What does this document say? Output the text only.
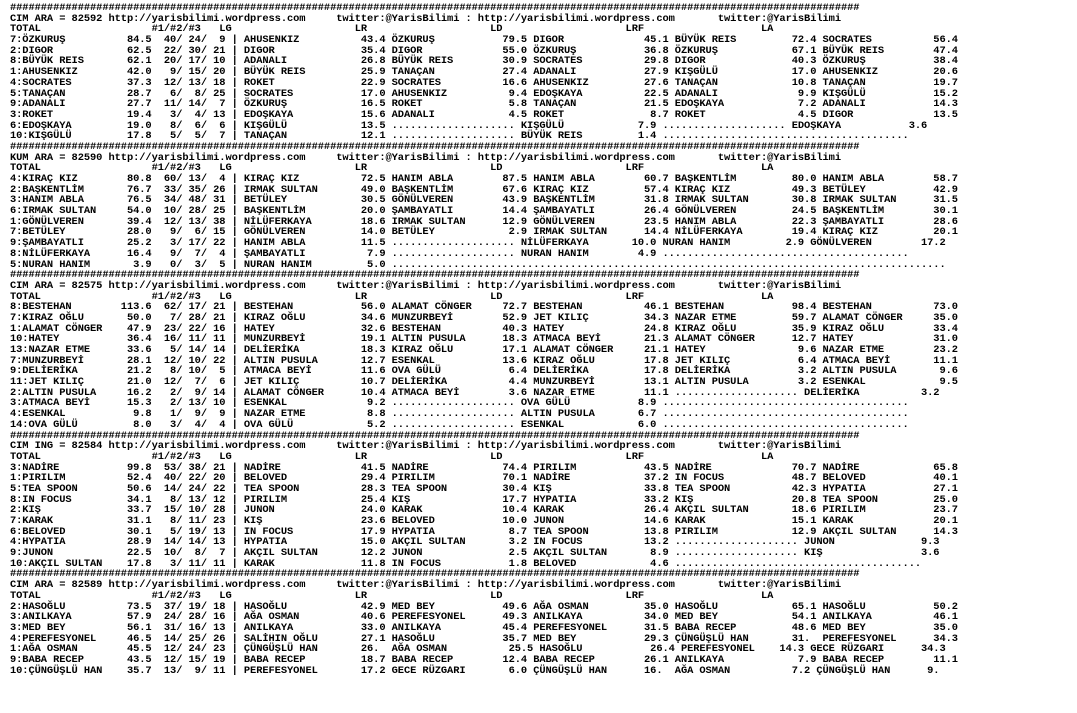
##########################################################################################################################################
CIM ARA = 82592 http://yarisbilimi.wordpress.com     twitter:@YarisBilimi : http://yarisbilimi.wordpress.com       twitter:@YarisBilimi
TOTAL                  #1/#2/#3   LG                    LR                    LD                    LRF                   LA
7:ÖZKURUŞ          84.5  40/ 24/  9 | AHUSENKIZ          43.4 ÖZKURUŞ           79.5 DIGOR             45.1 BÜYÜK REIS         72.4 SOCRATES          56.4
2:DIGOR            62.5  22/ 30/ 21 | DIGOR              35.4 DIGOR             55.0 ÖZKURUŞ           36.8 ÖZKURUŞ            67.1 BÜYÜK REIS        47.4
8:BÜYÜK REIS       62.1  20/ 17/ 10 | ADANALI            26.8 BÜYÜK REIS        30.9 SOCRATES          29.8 DIGOR              40.3 ÖZKURUŞ           38.4
1:AHUSENKIZ        42.0   9/ 15/ 20 | BÜYÜK REIS         25.9 TANAÇAN           27.4 ADANALI           27.9 KIŞGÜLÜ            17.0 AHUSENKIZ         20.6
4:SOCRATES         37.3  12/ 13/ 18 | ROKET              22.9 SOCRATES          16.6 AHUSENKIZ         27.6 TANAÇAN            10.8 TANAÇAN           19.7
5:TANAÇAN          28.7   6/  8/ 25 | SOCRATES           17.0 AHUSENKIZ          9.4 EDOŞKAYA          22.5 ADANALI             9.9 KIŞGÜLÜ           15.2
9:ADANALI          27.7  11/ 14/  7 | ÖZKURUŞ            16.5 ROKET              5.8 TANAÇAN           21.5 EDOŞKAYA            7.2 ADANALI           14.3
3:ROKET            19.4   3/  4/ 13 | EDOŞKAYA           15.6 ADANALI            4.5 ROKET              8.7 ROKET               4.5 DIGOR             13.5
6:EDOŞKAYA         19.0   8/  6/  6 | KIŞGÜLÜ            13.5 .................... KIŞGÜLÜ            7.9 .................... EDOŞKAYA           3.6
10:KIŞGÜLÜ         17.8   5/  5/  7 | TANAÇAN            12.1 .................... BÜYÜK REIS         1.4 ........................................
##########################################################################################################################################
KUM ARA = 82590 http://yarisbilimi.wordpress.com     twitter:@YarisBilimi : http://yarisbilimi.wordpress.com       twitter:@YarisBilimi
TOTAL                  #1/#2/#3   LG                    LR                    LD                    LRF                   LA
4:KIRAÇ KIZ        80.8  60/ 13/  4 | KIRAÇ KIZ          72.5 HANIM ABLA        87.5 HANIM ABLA        60.7 BAŞKENTLİM         80.0 HANIM ABLA        58.7
2:BAŞKENTLİM       76.7  33/ 35/ 26 | IRMAK SULTAN       49.0 BAŞKENTLİM        67.6 KIRAÇ KIZ         57.4 KIRAÇ KIZ          49.3 BETÜLEY           42.9
3:HANIM ABLA       76.5  34/ 48/ 31 | BETÜLEY            30.5 GÖNÜLVEREN        43.9 BAŞKENTLİM        31.8 IRMAK SULTAN       30.8 IRMAK SULTAN      31.5
6:IRMAK SULTAN     54.0  10/ 28/ 25 | BAŞKENTLİM         20.0 ŞAMBAYATLI        14.4 ŞAMBAYATLI        26.4 GÖNÜLVEREN         24.5 BAŞKENTLİM        30.1
1:GÖNÜLVEREN       39.4  12/ 13/ 38 | NİLÜFERKAYA        18.6 IRMAK SULTAN      12.9 GÖNÜLVEREN        23.5 HANIM ABLA         22.3 ŞAMBAYATLI        28.6
7:BETÜLEY          28.0   9/  6/ 15 | GÖNÜLVEREN         14.0 BETÜLEY            2.9 IRMAK SULTAN      14.4 NİLÜFERKAYA        19.4 KIRAÇ KIZ         20.1
9:ŞAMBAYATLI       25.2   3/ 17/ 22 | HANIM ABLA         11.5 .................... NİLÜFERKAYA       10.0 NURAN HANIM         2.9 GÖNÜLVEREN        17.2
8:NİLÜFERKAYA      16.4   9/  7/  4 | ŞAMBAYATLI          7.9 .................... NURAN HANIM        4.9 ........................................
5:NURAN HANIM       3.9   0/  3/  5 | NURAN HANIM         5.0 ..........................................................................................
##########################################################################################################################################
CIM ARA = 82575 http://yarisbilimi.wordpress.com     twitter:@YarisBilimi : http://yarisbilimi.wordpress.com       twitter:@YarisBilimi
TOTAL                  #1/#2/#3   LG                    LR                    LD                    LRF                   LA
8:BESTEHAN        113.6  62/ 17/ 21 | BESTEHAN           56.0 ALAMAT CÖNGER     72.7 BESTEHAN          46.1 BESTEHAN           98.4 BESTEHAN          73.0
7:KIRAZ OĞLU       50.0   7/ 28/ 21 | KIRAZ OĞLU         34.6 MUNZURBEYİ        52.9 JET KILIÇ         34.3 NAZAR ETME         59.7 ALAMAT CÖNGER     35.0
1:ALAMAT CÖNGER    47.9  23/ 22/ 16 | HATEY              32.6 BESTEHAN          40.3 HATEY             24.8 KIRAZ OĞLU         35.9 KIRAZ OĞLU        33.4
10:HATEY           36.4  16/ 11/ 11 | MUNZURBEYİ         19.1 ALTIN PUSULA      18.3 ATMACA BEYİ       21.3 ALAMAT CÖNGER      12.7 HATEY             31.0
13:NAZAR ETME      33.6   5/ 14/ 14 | DELİERİKA          18.3 KIRAZ OĞLU        17.1 ALAMAT CÖNGER     21.1 HATEY               9.6 NAZAR ETME        23.2
7:MUNZURBEYİ       28.1  12/ 10/ 22 | ALTIN PUSULA       12.7 ESENKAL           13.6 KIRAZ OĞLU        17.8 JET KILIÇ           6.4 ATMACA BEYİ       11.1
9:DELİERİKA        21.2   8/ 10/  5 | ATMACA BEYİ        11.6 OVA GÜLÜ           6.4 DELİERİKA         17.8 DELİERİKA           3.2 ALTIN PUSULA       9.6
11:JET KILIÇ       21.0  12/  7/  6 | JET KILIÇ          10.7 DELİERİKA          4.4 MUNZURBEYİ        13.1 ALTIN PUSULA        3.2 ESENKAL            9.5
2:ALTIN PUSULA     16.2   2/  9/ 14 | ALAMAT CÖNGER      10.4 ATMACA BEYİ        3.6 NAZAR ETME        11.1 .................... DELİERİKA          3.2
3:ATMACA BEYİ      15.3   2/ 13/ 10 | ESENKAL             9.2 .................... OVA GÜLÜ           8.9 ........................................
4:ESENKAL           9.8   1/  9/  9 | NAZAR ETME          8.8 .................... ALTIN PUSULA       6.7 ........................................
14:OVA GÜLÜ         8.0   3/  4/  4 | OVA GÜLÜ            5.2 .................... ESENKAL            6.0 ........................................
##########################################################################################################################################
CIM ING = 82584 http://yarisbilimi.wordpress.com     twitter:@YarisBilimi : http://yarisbilimi.wordpress.com       twitter:@YarisBilimi
TOTAL                  #1/#2/#3   LG                    LR                    LD                    LRF                   LA
3:NADİRE           99.8  53/ 38/ 21 | NADİRE             41.5 NADİRE            74.4 PIRILIM           43.5 NADİRE             70.7 NADİRE            65.8
1:PIRILIM          52.4  40/ 22/ 20 | BELOVED            29.4 PIRILIM           70.1 NADİRE            37.2 IN FOCUS           48.7 BELOVED           40.1
5:TEA SPOON        50.6  14/ 24/ 22 | TEA SPOON          28.3 TEA SPOON         30.4 KIŞ               33.8 TEA SPOON          42.3 HYPATIA           27.1
8:IN FOCUS         34.1   8/ 13/ 12 | PIRILIM            25.4 KIŞ               17.7 HYPATIA           33.2 KIŞ                20.8 TEA SPOON         25.0
2:KIŞ              33.7  15/ 10/ 28 | JUNON              24.0 KARAK             10.4 KARAK             26.4 AKÇIL SULTAN       18.6 PIRILIM           23.7
7:KARAK            31.1   8/ 11/ 23 | KIŞ                23.6 BELOVED           10.0 JUNON             14.6 KARAK              15.1 KARAK             20.1
6:BELOVED          30.1   5/ 19/ 13 | IN FOCUS           17.9 HYPATIA            8.7 TEA SPOON         13.8 PIRILIM            12.9 AKÇIL SULTAN      14.3
4:HYPATIA          28.9  14/ 14/ 13 | HYPATIA            15.0 AKÇIL SULTAN       3.2 IN FOCUS          13.2 .................... JUNON              9.3
9:JUNON            22.5  10/  8/  7 | AKÇIL SULTAN       12.2 JUNON              2.5 AKÇIL SULTAN       8.9 .................... KIŞ                3.6
10:AKÇIL SULTAN    17.8   3/ 11/ 11 | KARAK              11.8 IN FOCUS           1.8 BELOVED            4.6 ........................................
##########################################################################################################################################
CIM ARA = 82589 http://yarisbilimi.wordpress.com     twitter:@YarisBilimi : http://yarisbilimi.wordpress.com       twitter:@YarisBilimi
TOTAL                  #1/#2/#3   LG                    LR                    LD                    LRF                   LA
2:HASOĞLU          73.5  37/ 19/ 18 | HASOĞLU            42.9 MED BEY           49.6 AĞA OSMAN         35.0 HASOĞLU            65.1 HASOĞLU           50.2
3:ANILKAYA         57.9  24/ 28/ 16 | AĞA OSMAN          40.6 PEREFESYONEL      49.3 ANILKAYA          34.0 MED BEY            54.1 ANILKAYA          46.1
3:MED BEY          56.1  31/ 16/ 13 | ANILKAYA           33.0 ANILKAYA          45.4 PEREFESYONEL      31.5 BABA RECEP         48.6 MED BEY           35.0
4:PEREFESYONEL     46.5  14/ 25/ 26 | SALİHIN OĞLU       27.1 HASOĞLU           35.7 MED BEY           29.3 ÇÜNGÜŞLÜ HAN       31.  PEREFESYONEL      34.3
1:AĞA OSMAN        45.5  12/ 24/ 23 | ÇÜNGÜŞLÜ HAN       26.  AĞA OSMAN          25.5 HASOĞLU           26.4 PEREFESYONEL    14.3 GECE RÜZGARI      34.3
9:BABA RECEP       43.5  12/ 15/ 19 | BABA RECEP         18.7 BABA RECEP        12.4 BABA RECEP        26.1 ANILKAYA            7.9 BABA RECEP        11.1
10:ÇÜNGÜŞLÜ HAN    35.7  13/  9/ 11 | PEREFESYONEL       17.2 GECE RÜZGARI       6.0 ÇÜNGÜŞLÜ HAN      16.  AĞA OSMAN          7.2 ÇÜNGÜŞLÜ HAN      9.
